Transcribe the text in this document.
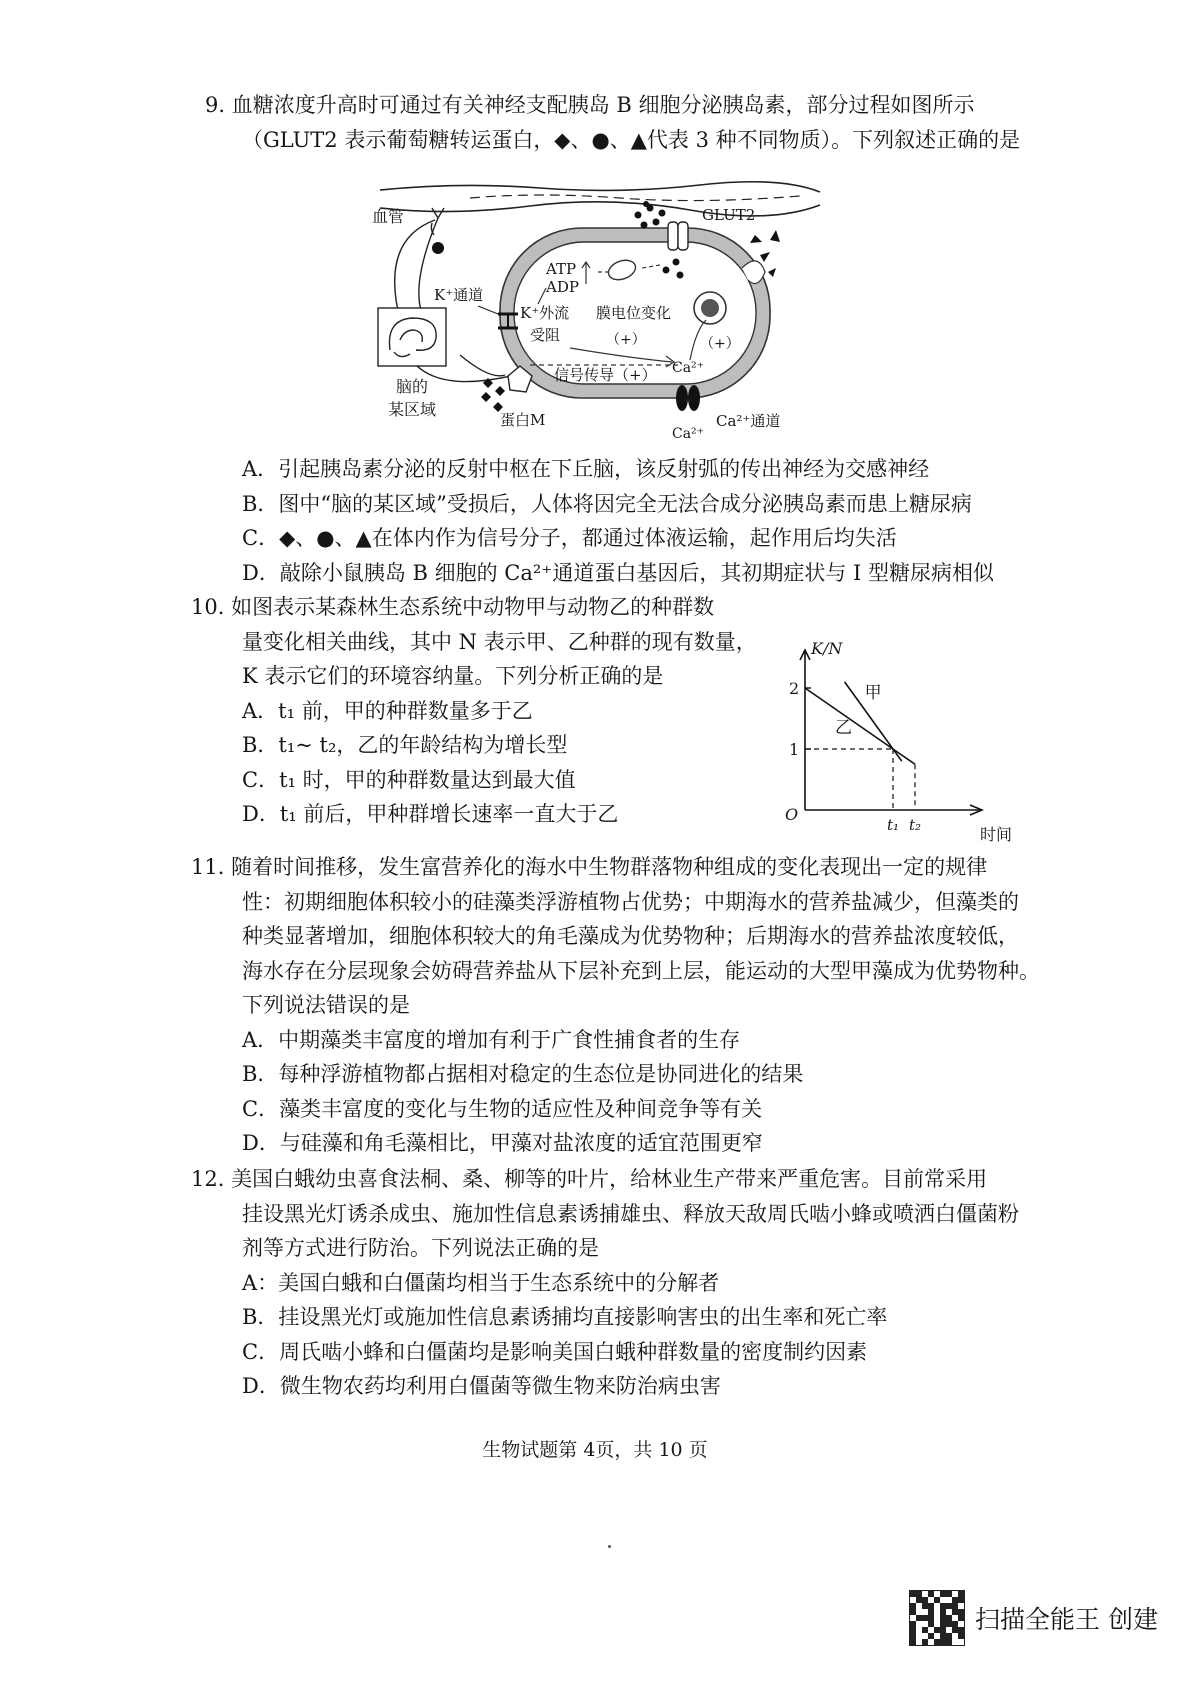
9. 血糖浓度升高时可通过有关神经支配胰岛 B 细胞分泌胰岛素，部分过程如图所示
（GLUT2 表示葡萄糖转运蛋白，◆、●、▲代表 3 种不同物质）。下列叙述正确的是
血管
脑的
某区域
GLUT2
ATP
ADP
K⁺通道
K⁺外流
受阻
膜电位变化
（+）	（+）
Ca²⁺
信号传导（+）
Ca²⁺
Ca²⁺通道
蛋白M
A．引起胰岛素分泌的反射中枢在下丘脑，该反射弧的传出神经为交感神经
B．图中“脑的某区域”受损后，人体将因完全无法合成分泌胰岛素而患上糖尿病
C．◆、●、▲在体内作为信号分子，都通过体液运输，起作用后均失活
D．敲除小鼠胰岛 B 细胞的 Ca²⁺通道蛋白基因后，其初期症状与 I 型糖尿病相似
10. 如图表示某森林生态系统中动物甲与动物乙的种群数
量变化相关曲线，其中 N 表示甲、乙种群的现有数量，
K 表示它们的环境容纳量。下列分析正确的是
A．t₁ 前，甲的种群数量多于乙
B．t₁~ t₂，乙的年龄结构为增长型
C．t₁ 时，甲的种群数量达到最大值
D．t₁ 前后，甲种群增长速率一直大于乙
K/N
时间
O
1
2
t₁ t₂
甲
乙
11. 随着时间推移，发生富营养化的海水中生物群落物种组成的变化表现出一定的规律
性：初期细胞体积较小的硅藻类浮游植物占优势；中期海水的营养盐减少，但藻类的
种类显著增加，细胞体积较大的角毛藻成为优势物种；后期海水的营养盐浓度较低，
海水存在分层现象会妨碍营养盐从下层补充到上层，能运动的大型甲藻成为优势物种。
下列说法错误的是
A．中期藻类丰富度的增加有利于广食性捕食者的生存
B．每种浮游植物都占据相对稳定的生态位是协同进化的结果
C．藻类丰富度的变化与生物的适应性及种间竞争等有关
D．与硅藻和角毛藻相比，甲藻对盐浓度的适宜范围更窄
12. 美国白蛾幼虫喜食法桐、桑、柳等的叶片，给林业生产带来严重危害。目前常采用
挂设黑光灯诱杀成虫、施加性信息素诱捕雄虫、释放天敌周氏啮小蜂或喷洒白僵菌粉
剂等方式进行防治。下列说法正确的是
A：美国白蛾和白僵菌均相当于生态系统中的分解者
B．挂设黑光灯或施加性信息素诱捕均直接影响害虫的出生率和死亡率
C．周氏啮小蜂和白僵菌均是影响美国白蛾种群数量的密度制约因素
D．微生物农药均利用白僵菌等微生物来防治病虫害
生物试题第 4页，共 10 页
扫描全能王 创建
